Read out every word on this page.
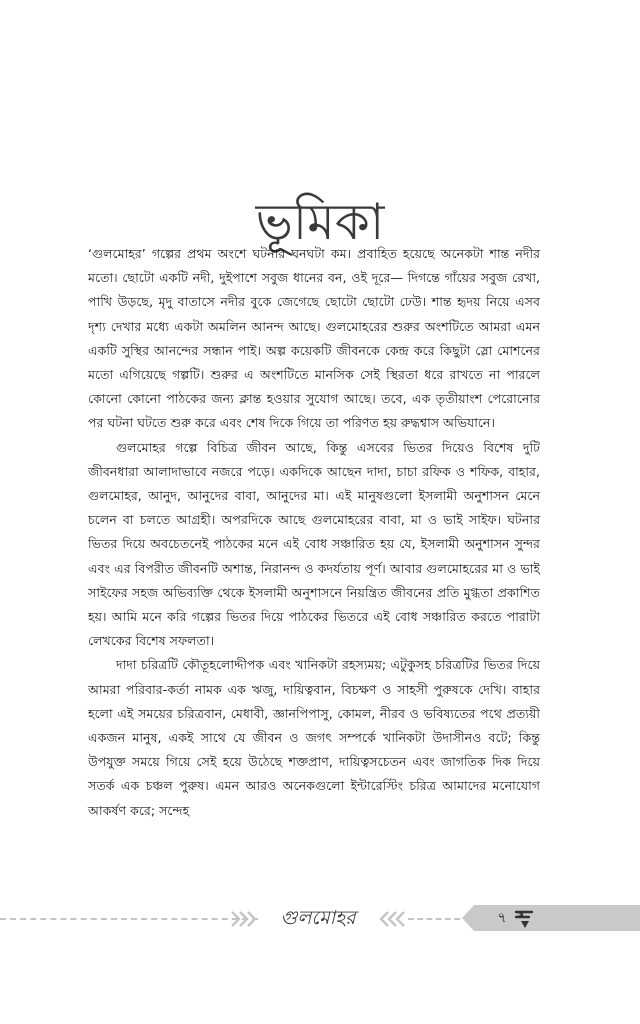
ভূমিকা

‘গুলমোহর’ গল্পের প্রথম অংশে ঘটনার ঘনঘটা কম। প্রবাহিত হয়েছে অনেকটা শান্ত নদীর মতো। ছোটো একটি নদী, দুইপাশে সবুজ ধানের বন, ওই দূরে— দিগন্তে গাঁয়ের সবুজ রেখা, পাখি উড়ছে, মৃদু বাতাসে নদীর বুকে জেগেছে ছোটো ছোটো ঢেউ। শান্ত হৃদয় নিয়ে এসব দৃশ্য দেখার মধ্যে একটা অমলিন আনন্দ আছে। গুলমোহরের শুরুর অংশটিতে আমরা এমন একটি সুস্থির আনন্দের সন্ধান পাই। অল্প কয়েকটি জীবনকে কেন্দ্র করে কিছুটা স্লো মোশনের মতো এগিয়েছে গল্পটি। শুরুর এ অংশটিতে মানসিক সেই স্থিরতা ধরে রাখতে না পারলে কোনো কোনো পাঠকের জন্য ক্লান্ত হওয়ার সুযোগ আছে। তবে, এক তৃতীয়াংশ পেরোনোর পর ঘটনা ঘটতে শুরু করে এবং শেষ দিকে গিয়ে তা পরিণত হয় রুদ্ধশ্বাস অভিযানে।

গুলমোহর গল্পে বিচিত্র জীবন আছে, কিন্তু এসবের ভিতর দিয়েও বিশেষ দুটি জীবনধারা আলাদাভাবে নজরে পড়ে। একদিকে আছেন দাদা, চাচা রফিক ও শফিক, বাহার, গুলমোহর, আনুদ, আনুদের বাবা, আনুদের মা। এই মানুষগুলো ইসলামী অনুশাসন মেনে চলেন বা চলতে আগ্রহী। অপরদিকে আছে গুলমোহরের বাবা, মা ও ভাই সাইফ। ঘটনার ভিতর দিয়ে অবচেতনেই পাঠকের মনে এই বোধ সঞ্চারিত হয় যে, ইসলামী অনুশাসন সুন্দর এবং এর বিপরীত জীবনটি অশান্ত, নিরানন্দ ও কদর্যতায় পূর্ণ। আবার গুলমোহরের মা ও ভাই সাইফের সহজ অভিব্যক্তি থেকে ইসলামী অনুশাসনে নিয়ন্ত্রিত জীবনের প্রতি মুগ্ধতা প্রকাশিত হয়। আমি মনে করি গল্পের ভিতর দিয়ে পাঠকের ভিতরে এই বোধ সঞ্চারিত করতে পারাটা লেখকের বিশেষ সফলতা।

দাদা চরিত্রটি কৌতূহলোদ্দীপক এবং খানিকটা রহস্যময়; এটুকুসহ চরিত্রটির ভিতর দিয়ে আমরা পরিবার-কর্তা নামক এক ঋজু, দায়িত্ববান, বিচক্ষণ ও সাহসী পুরুষকে দেখি। বাহার হলো এই সময়ের চরিত্রবান, মেধাবী, জ্ঞানপিপাসু, কোমল, নীরব ও ভবিষ্যতের পথে প্রত্যয়ী একজন মানুষ, একই সাথে যে জীবন ও জগৎ সম্পর্কে খানিকটা উদাসীনও বটে; কিন্তু উপযুক্ত সময়ে গিয়ে সেই হয়ে উঠেছে শক্তপ্রাণ, দায়িত্বসচেতন এবং জাগতিক দিক দিয়ে সতর্ক এক চঞ্চল পুরুষ। এমন আরও অনেকগুলো ইন্টারেস্টিং চরিত্র আমাদের মনোযোগ আকর্ষণ করে; সন্দেহ

গুলমোহর	৭
